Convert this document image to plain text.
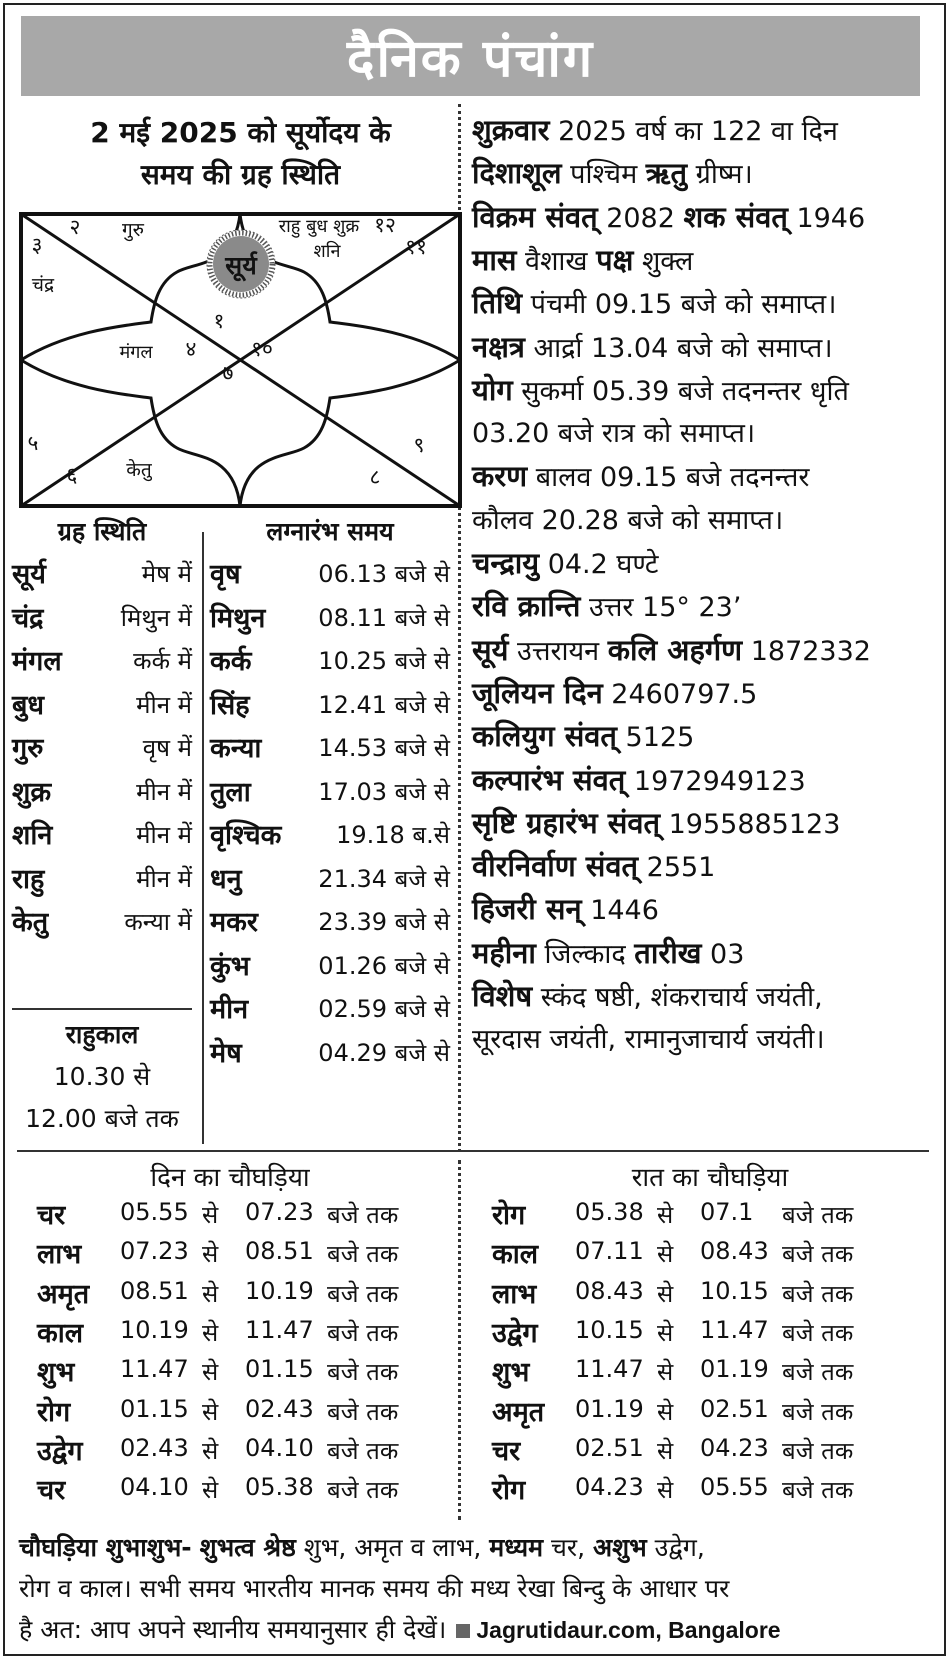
दैनिक पंचांग
2 मई 2025 को सूर्योदय के
समय की ग्रह स्थिति
सूर्य
२ गुरु	राहु बुध शुक्र १२
शनि
३
चंद्र
११
१
मंगल ४	१०
७
५	९
६	केतु	८
ग्रह स्थिति
सूर्य	मेष में
चंद्र	मिथुन में
मंगल	कर्क में
बुध	मीन में
गुरु	वृष में
शुक्र	मीन में
शनि	मीन में
राहु	मीन में
केतु	कन्या में
राहुकाल
10.30 से
12.00 बजे तक
लग्नारंभ समय
वृष	06.13 बजे से
मिथुन	08.11 बजे से
कर्क	10.25 बजे से
सिंह	12.41 बजे से
कन्या	14.53 बजे से
तुला	17.03 बजे से
वृश्चिक	19.18 ब.से
धनु	21.34 बजे से
मकर	23.39 बजे से
कुंभ	01.26 बजे से
मीन	02.59 बजे से
मेष	04.29 बजे से
शुक्रवार 2025 वर्ष का 122 वा दिन
दिशाशूल पश्चिम ऋतु ग्रीष्म।
विक्रम संवत् 2082 शक संवत् 1946
मास वैशाख पक्ष शुक्ल
तिथि पंचमी 09.15 बजे को समाप्त।
नक्षत्र आर्द्रा 13.04 बजे को समाप्त।
योग सुकर्मा 05.39 बजे तदनन्तर धृति
03.20 बजे रात्र को समाप्त।
करण बालव 09.15 बजे तदनन्तर
कौलव 20.28 बजे को समाप्त।
चन्द्रायु 04.2 घण्टे
रवि क्रान्ति उत्तर 15° 23’
सूर्य उत्तरायन कलि अहर्गण 1872332
जूलियन दिन 2460797.5
कलियुग संवत् 5125
कल्पारंभ संवत् 1972949123
सृष्टि ग्रहारंभ संवत् 1955885123
वीरनिर्वाण संवत् 2551
हिजरी सन् 1446
महीना जिल्काद तारीख 03
विशेष स्कंद षष्ठी, शंकराचार्य जयंती,
सूरदास जयंती, रामानुजाचार्य जयंती।
दिन का चौघड़िया	रात का चौघड़िया
चर 05.55 से 07.23 बजे तक
लाभ 07.23 से 08.51 बजे तक
अमृत 08.51 से 10.19 बजे तक
काल 10.19 से 11.47 बजे तक
शुभ 11.47 से 01.15 बजे तक
रोग 01.15 से 02.43 बजे तक
उद्वेग 02.43 से 04.10 बजे तक
चर 04.10 से 05.38 बजे तक
रोग 05.38 से 07.1 बजे तक
काल 07.11 से 08.43 बजे तक
लाभ 08.43 से 10.15 बजे तक
उद्वेग 10.15 से 11.47 बजे तक
शुभ 11.47 से 01.19 बजे तक
अमृत 01.19 से 02.51 बजे तक
चर 02.51 से 04.23 बजे तक
रोग 04.23 से 05.55 बजे तक
चौघड़िया शुभाशुभ- शुभत्व श्रेष्ठ शुभ, अमृत व लाभ, मध्यम चर, अशुभ उद्वेग,
रोग व काल। सभी समय भारतीय मानक समय की मध्य रेखा बिन्दु के आधार पर
है अत: आप अपने स्थानीय समयानुसार ही देखें। Jagrutidaur.com, Bangalore
